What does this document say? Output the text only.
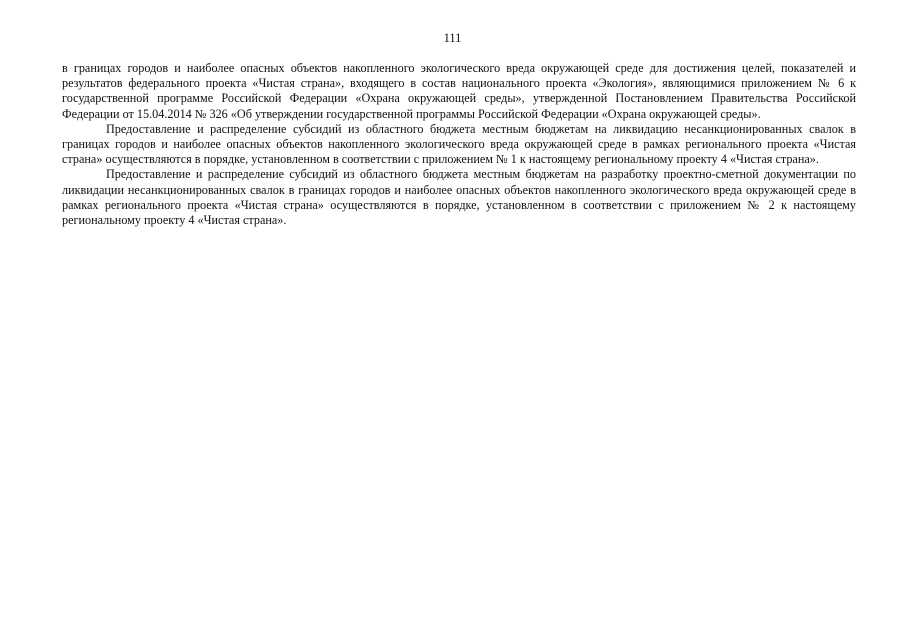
111

в границах городов и наиболее опасных объектов накопленного экологического вреда окружающей среде для достижения целей, показателей и результатов федерального проекта «Чистая страна», входящего в состав национального проекта «Экология», являющимися приложением № 6 к государственной программе Российской Федерации «Охрана окружающей среды», утвержденной Постановлением Правительства Российской Федерации от 15.04.2014 № 326 «Об утверждении государственной программы Российской Федерации «Охрана окружающей среды».

Предоставление и распределение субсидий из областного бюджета местным бюджетам на ликвидацию несанкционированных свалок в границах городов и наиболее опасных объектов накопленного экологического вреда окружающей среде в рамках регионального проекта «Чистая страна» осуществляются в порядке, установленном в соответствии с приложением № 1 к настоящему региональному проекту 4 «Чистая страна».

Предоставление и распределение субсидий из областного бюджета местным бюджетам на разработку проектно-сметной документации по ликвидации несанкционированных свалок в границах городов и наиболее опасных объектов накопленного экологического вреда окружающей среде в рамках регионального проекта «Чистая страна» осуществляются в порядке, установленном в соответствии с приложением № 2 к настоящему региональному проекту 4 «Чистая страна».
